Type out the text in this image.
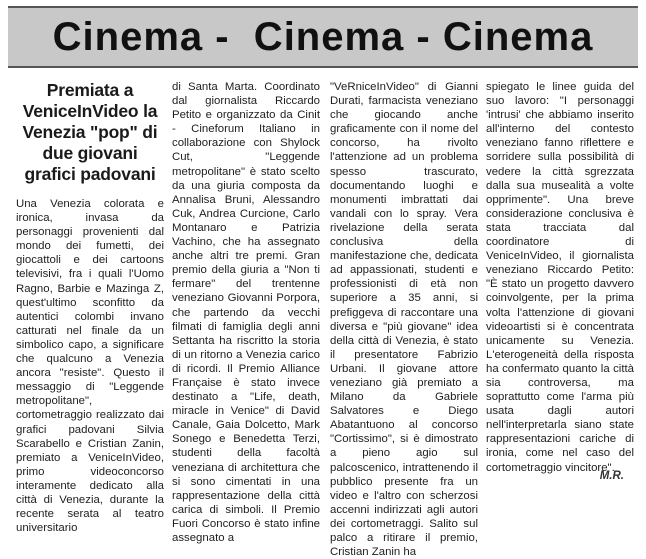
Cinema -  Cinema - Cinema
Premiata a VeniceInVideo la Venezia "pop" di due giovani grafici padovani

Una Venezia colorata e ironica, invasa da personaggi provenienti dal mondo dei fumetti, dei giocattoli e dei cartoons televisivi, fra i quali l'Uomo Ragno, Barbie e Mazinga Z, quest'ultimo sconfitto da autentici colombi invano catturati nel finale da un simbolico capo, a significare che qualcuno a Venezia ancora "resiste". Questo il messaggio di "Leggende metropolitane", cortometraggio realizzato dai grafici padovani Silvia Scarabello e Cristian Zanin, premiato a VeniceInVideo, primo videoconcorso interamente dedicato alla città di Venezia, durante la recente serata al teatro universitario

di Santa Marta. Coordinato dal giornalista Riccardo Petito e organizzato da Cinit - Cineforum Italiano in collaborazione con Shylock Cut, "Leggende metropolitane" è stato scelto da una giuria composta da Annalisa Bruni, Alessandro Cuk, Andrea Curcione, Carlo Montanaro e Patrizia Vachino, che ha assegnato anche altri tre premi. Gran premio della giuria a "Non ti fermare" del trentenne veneziano Giovanni Porpora, che partendo da vecchi filmati di famiglia degli anni Settanta ha riscritto la storia di un ritorno a Venezia carico di ricordi. Il Premio Alliance Française è stato invece destinato a "Life, death, miracle in Venice" di David Canale, Gaia Dolcetto, Mark Sonego e Benedetta Terzi, studenti della facoltà veneziana di architettura che si sono cimentati in una rappresentazione della città carica di simboli. Il Premio Fuori Concorso è stato infine assegnato a

"VeRniceInVideo" di Gianni Durati, farmacista veneziano che giocando anche graficamente con il nome del concorso, ha rivolto l'attenzione ad un problema spesso trascurato, documentando luoghi e monumenti imbrattati dai vandali con lo spray. Vera rivelazione della serata conclusiva della manifestazione che, dedicata ad appassionati, studenti e professionisti di età non superiore a 35 anni, si prefiggeva di raccontare una diversa e "più giovane" idea della città di Venezia, è stato il presentatore Fabrizio Urbani. Il giovane attore veneziano già premiato a Milano da Gabriele Salvatores e Diego Abatantuono al concorso "Cortissimo", si è dimostrato a pieno agio sul palcoscenico, intrattenendo il pubblico presente fra un video e l'altro con scherzosi accenni indirizzati agli autori dei cortometraggi. Salito sul palco a ritirare il premio, Cristian Zanin ha

spiegato le linee guida del suo lavoro: "I personaggi 'intrusi' che abbiamo inserito all'interno del contesto veneziano fanno riflettere e sorridere sulla possibilità di vedere la città sgrezzata dalla sua musealità a volte opprimente". Una breve considerazione conclusiva è stata tracciata dal coordinatore di VeniceInVideo, il giornalista veneziano Riccardo Petito: "È stato un progetto davvero coinvolgente, per la prima volta l'attenzione di giovani videoartisti si è concentrata unicamente su Venezia. L'eterogeneità della risposta ha confermato quanto la città sia controversa, ma soprattutto come l'arma più usata dagli autori nell'interpretarla siano state rappresentazioni cariche di ironia, come nel caso del cortometraggio vincitore".

M.R.
